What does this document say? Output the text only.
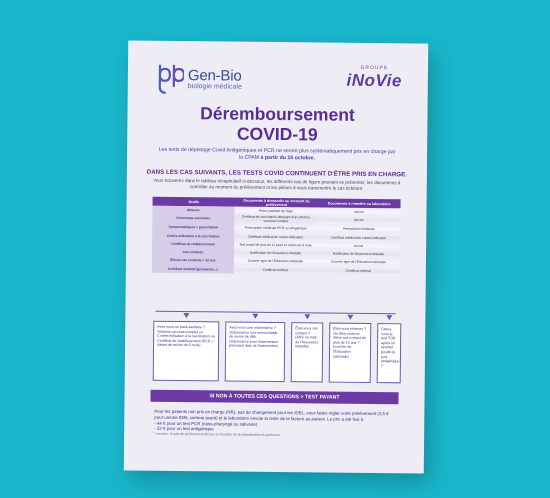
Gen-Bio
biologie médicale
GROUPE
iNoVie
Déremboursement
COVID-19
Les tests de dépistage Covid Antigéniques et PCR ne seront plus systématiquement pris en charge par la CPAM à partir du 15 octobre.
DANS LES CAS SUIVANTS, LES TESTS COVID CONTINUENT D'ÊTRE PRIS EN CHARGE.
Vous trouverez dans le tableau récapitulatif ci-dessous, les différents cas de figure pouvant se présenter, les documents à contrôler au moment du prélèvement et les pièces à nous transmettre le cas échéant.
Motifs	Documents à demander au moment du prélèvement	Documents à remettre au laboratoire
Mineurs	Pièce justifiant de l'âge	Aucun
Personnes vaccinées	Certificat de vaccination attestant d'un schéma vaccinal complet	Aucun
Symptomatiques + prescription	Prescription médicale PCR ou antigénique	Prescription médicale
Contre-indication à la vaccination	Certificat médical de contre-indication	Certificat médical de contre-indication
Certificat de rétablissement	Test positif de plus de 11 jours et moins de 6 mois	Aucun
Cas contacts	Notification de l'Assurance Maladie	Notification de l'Assurance Maladie
Élèves cas contacts < 12 ans	Courrier type de l'Éducation nationale	Courrier type de l'Éducation nationale
Certificat médical (grossesse...)	Certificat médical	Certificat médical
Avez-vous un pass sanitaire ?
Schéma vaccinal complet ou
Contre-indication à la vaccination ou
Certificat de rétablissement (PCR + datant de moins de 6 mois)
Avez-vous une ordonnance ?
Ordonnance non renouvelable de moins de 48h
Ordonnance pour l'intervention précisant date de l'intervention
Êtes-vous cas contact ?
(ARS ou mail de l'Assurance maladie)
Êtes-vous mineurs ?
Ou êtes-vous un élève cas contact de plus de 12 ans ?
(courrier de l'Éducation nationale)
Faites-vous le test TOR après un résultat positif de test antigénique ?
SI NON À TOUTES CES QUESTIONS > TEST PAYANT
Pour les patients non pris en charge (NR), pas de changement pour les IDEL, vous faites régler votre prélèvement (3,5 € pour un/une IDEL comme avant) et le laboratoire envoie la reste de la facture au patient. Le prix a été fixé à :
- 44 € pour un test PCR (naso-pharyngé ou salivaire)
- 22 € pour un test antigénique
* environ : le prix du prélèvement fluctue en fonction de la classification du préleveur
